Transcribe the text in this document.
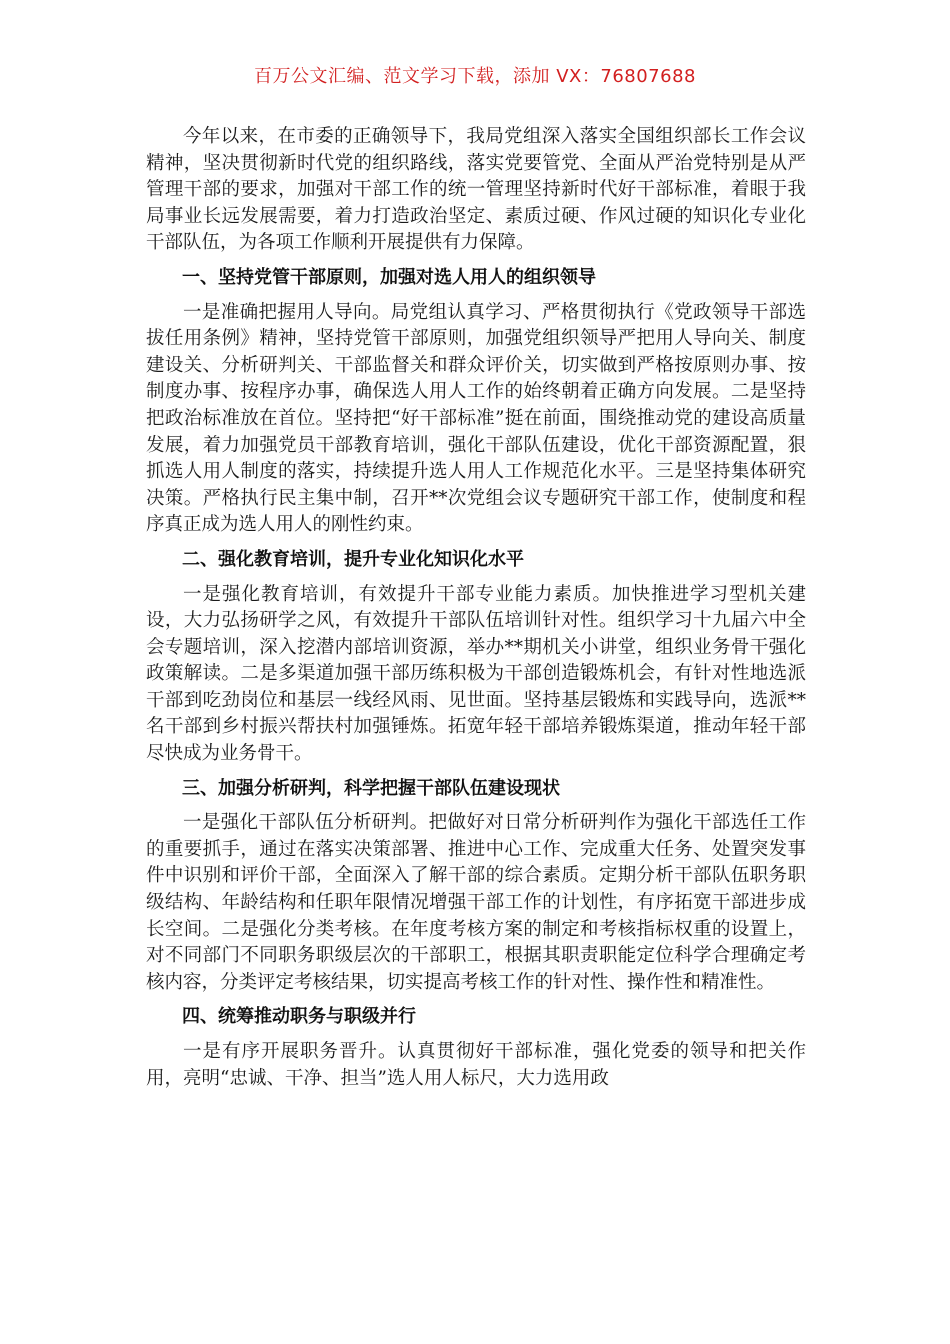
百万公文汇编、范文学习下载，添加 VX：76807688

今年以来，在市委的正确领导下，我局党组深入落实全国组织部长工作会议精神，坚决贯彻新时代党的组织路线，落实党要管党、全面从严治党特别是从严管理干部的要求，加强对干部工作的统一管理坚持新时代好干部标准，着眼于我局事业长远发展需要，着力打造政治坚定、素质过硬、作风过硬的知识化专业化干部队伍，为各项工作顺利开展提供有力保障。

一、坚持党管干部原则，加强对选人用人的组织领导

一是准确把握用人导向。局党组认真学习、严格贯彻执行《党政领导干部选拔任用条例》精神，坚持党管干部原则，加强党组织领导严把用人导向关、制度建设关、分析研判关、干部监督关和群众评价关，切实做到严格按原则办事、按制度办事、按程序办事，确保选人用人工作的始终朝着正确方向发展。二是坚持把政治标准放在首位。坚持把“好干部标准”挺在前面，围绕推动党的建设高质量发展，着力加强党员干部教育培训，强化干部队伍建设，优化干部资源配置，狠抓选人用人制度的落实，持续提升选人用人工作规范化水平。三是坚持集体研究决策。严格执行民主集中制，召开**次党组会议专题研究干部工作，使制度和程序真正成为选人用人的刚性约束。

二、强化教育培训，提升专业化知识化水平

一是强化教育培训，有效提升干部专业能力素质。加快推进学习型机关建设，大力弘扬研学之风，有效提升干部队伍培训针对性。组织学习十九届六中全会专题培训，深入挖潜内部培训资源，举办**期机关小讲堂，组织业务骨干强化政策解读。二是多渠道加强干部历练积极为干部创造锻炼机会，有针对性地选派干部到吃劲岗位和基层一线经风雨、见世面。坚持基层锻炼和实践导向，选派**名干部到乡村振兴帮扶村加强锤炼。拓宽年轻干部培养锻炼渠道，推动年轻干部尽快成为业务骨干。

三、加强分析研判，科学把握干部队伍建设现状

一是强化干部队伍分析研判。把做好对日常分析研判作为强化干部选任工作的重要抓手，通过在落实决策部署、推进中心工作、完成重大任务、处置突发事件中识别和评价干部，全面深入了解干部的综合素质。定期分析干部队伍职务职级结构、年龄结构和任职年限情况增强干部工作的计划性，有序拓宽干部进步成长空间。二是强化分类考核。在年度考核方案的制定和考核指标权重的设置上，对不同部门不同职务职级层次的干部职工，根据其职责职能定位科学合理确定考核内容，分类评定考核结果，切实提高考核工作的针对性、操作性和精准性。

四、统筹推动职务与职级并行

一是有序开展职务晋升。认真贯彻好干部标准，强化党委的领导和把关作用，亮明“忠诚、干净、担当”选人用人标尺，大力选用政
